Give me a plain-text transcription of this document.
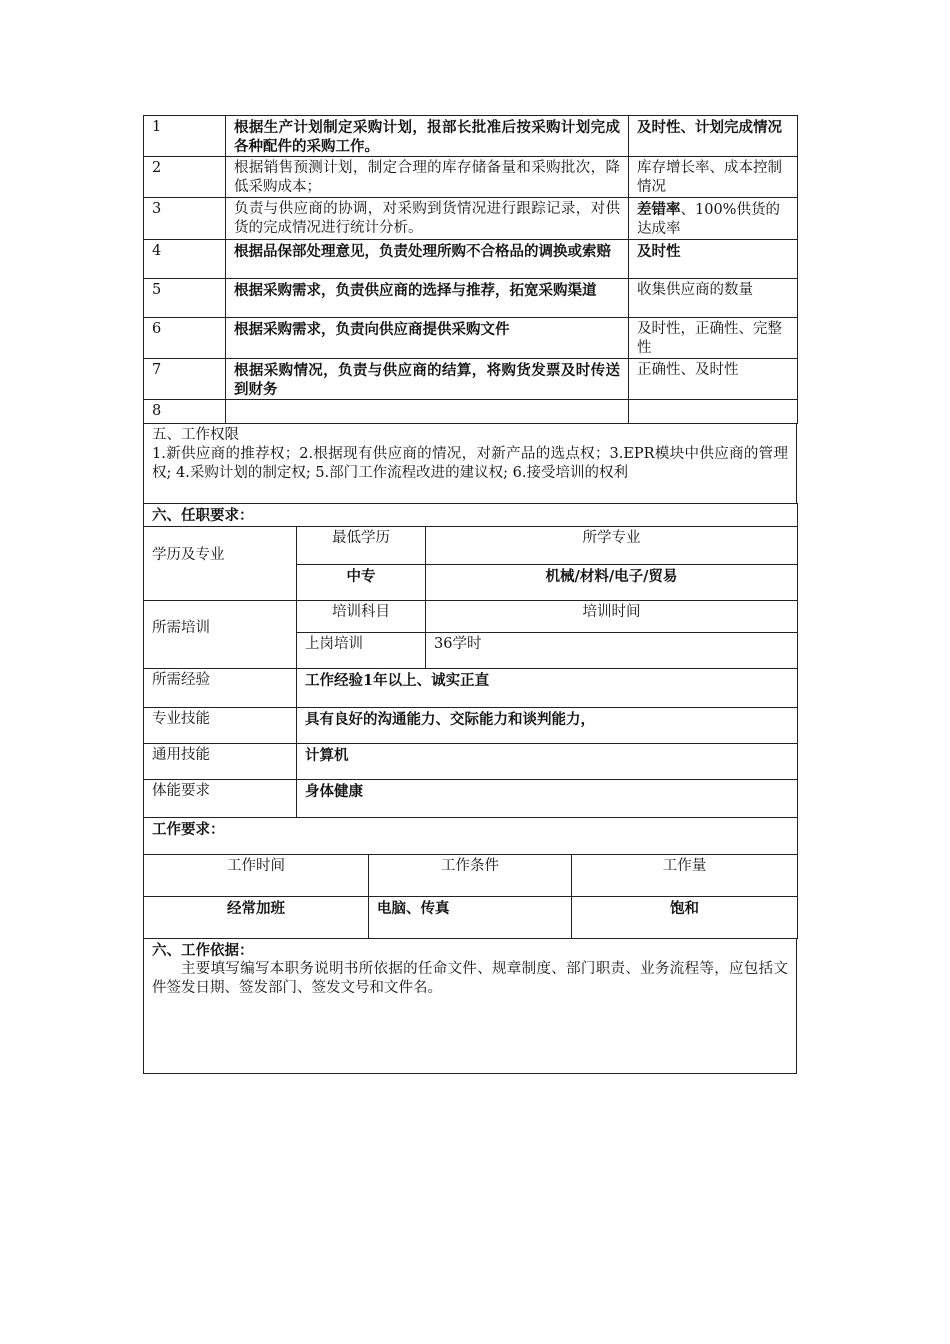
1	根据生产计划制定采购计划，报部长批准后按采购计划完成各种配件的采购工作。	及时性、计划完成情况
2	根据销售预测计划，制定合理的库存储备量和采购批次，降低采购成本；	库存增长率、成本控制情况
3	负责与供应商的协调，对采购到货情况进行跟踪记录，对供货的完成情况进行统计分析。	差错率、100%供货的达成率
4	根据品保部处理意见，负责处理所购不合格品的调换或索赔	及时性
5	根据采购需求，负责供应商的选择与推荐，拓宽采购渠道	收集供应商的数量
6	根据采购需求，负责向供应商提供采购文件	及时性，正确性、完整性
7	根据采购情况，负责与供应商的结算，将购货发票及时传送到财务	正确性、及时性
8		
五、工作权限
1.新供应商的推荐权；2.根据现有供应商的情况，对新产品的选点权；3.EPR模块中供应商的管理权; 4.采购计划的制定权; 5.部门工作流程改进的建议权; 6.接受培训的权利
六、任职要求：		
学历及专业	最低学历	所学专业
	中专	机械/材料/电子/贸易
所需培训	培训科目	培训时间
	上岗培训	36学时
所需经验	工作经验1年以上、诚实正直
专业技能	具有良好的沟通能力、交际能力和谈判能力，
通用技能	计算机
体能要求	身体健康
工作要求：		
工作时间	工作条件	工作量
经常加班	电脑、传真	饱和
六、工作依据：
主要填写编写本职务说明书所依据的任命文件、规章制度、部门职责、业务流程等，应包括文件签发日期、签发部门、签发文号和文件名。
